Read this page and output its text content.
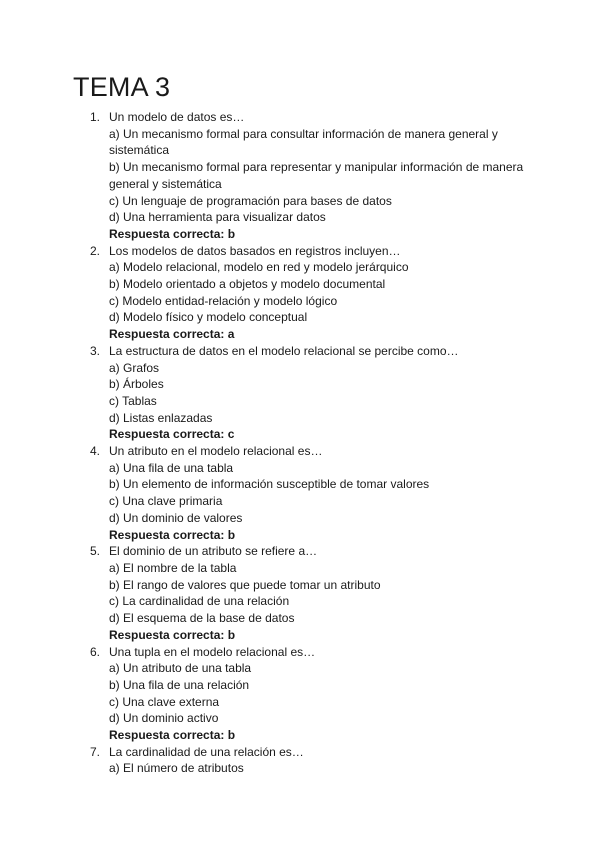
TEMA 3
1. Un modelo de datos es…
a) Un mecanismo formal para consultar información de manera general y sistemática
b) Un mecanismo formal para representar y manipular información de manera general y sistemática
c) Un lenguaje de programación para bases de datos
d) Una herramienta para visualizar datos
Respuesta correcta: b
2. Los modelos de datos basados en registros incluyen…
a) Modelo relacional, modelo en red y modelo jerárquico
b) Modelo orientado a objetos y modelo documental
c) Modelo entidad-relación y modelo lógico
d) Modelo físico y modelo conceptual
Respuesta correcta: a
3. La estructura de datos en el modelo relacional se percibe como…
a) Grafos
b) Árboles
c) Tablas
d) Listas enlazadas
Respuesta correcta: c
4. Un atributo en el modelo relacional es…
a) Una fila de una tabla
b) Un elemento de información susceptible de tomar valores
c) Una clave primaria
d) Un dominio de valores
Respuesta correcta: b
5. El dominio de un atributo se refiere a…
a) El nombre de la tabla
b) El rango de valores que puede tomar un atributo
c) La cardinalidad de una relación
d) El esquema de la base de datos
Respuesta correcta: b
6. Una tupla en el modelo relacional es…
a) Un atributo de una tabla
b) Una fila de una relación
c) Una clave externa
d) Un dominio activo
Respuesta correcta: b
7. La cardinalidad de una relación es…
a) El número de atributos
